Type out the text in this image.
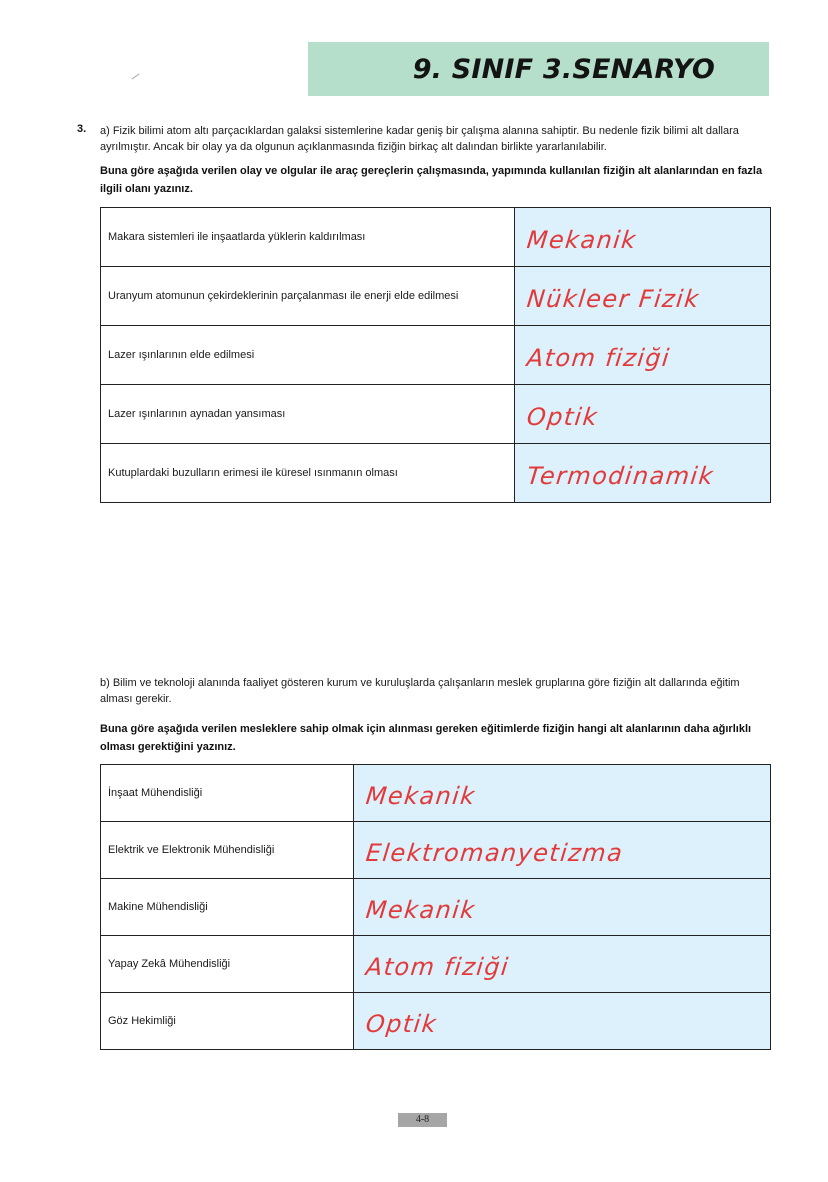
9. SINIF 3.SENARYO
3. a) Fizik bilimi atom altı parçacıklardan galaksi sistemlerine kadar geniş bir çalışma alanına sahiptir. Bu nedenle fizik bilimi alt dallara ayrılmıştır. Ancak bir olay ya da olgunun açıklanmasında fiziğin birkaç alt dalından birlikte yararlanılabilir.
Buna göre aşağıda verilen olay ve olgular ile araç gereçlerin çalışmasında, yapımında kullanılan fiziğin alt alanlarından en fazla ilgili olanı yazınız.
Makara sistemleri ile inşaatlarda yüklerin kaldırılması	Mekanik
Uranyum atomunun çekirdeklerinin parçalanması ile enerji elde edilmesi	Nükleer Fizik
Lazer ışınlarının elde edilmesi	Atom fiziği
Lazer ışınlarının aynadan yansıması	Optik
Kutuplardaki buzulların erimesi ile küresel ısınmanın olması	Termodinamik
b) Bilim ve teknoloji alanında faaliyet gösteren kurum ve kuruluşlarda çalışanların meslek gruplarına göre fiziğin alt dallarında eğitim alması gerekir.
Buna göre aşağıda verilen mesleklere sahip olmak için alınması gereken eğitimlerde fiziğin hangi alt alanlarının daha ağırlıklı olması gerektiğini yazınız.
İnşaat Mühendisliği	Mekanik
Elektrik ve Elektronik Mühendisliği	Elektromanyetizma
Makine Mühendisliği	Mekanik
Yapay Zekâ Mühendisliği	Atom fiziği
Göz Hekimliği	Optik
4-8
